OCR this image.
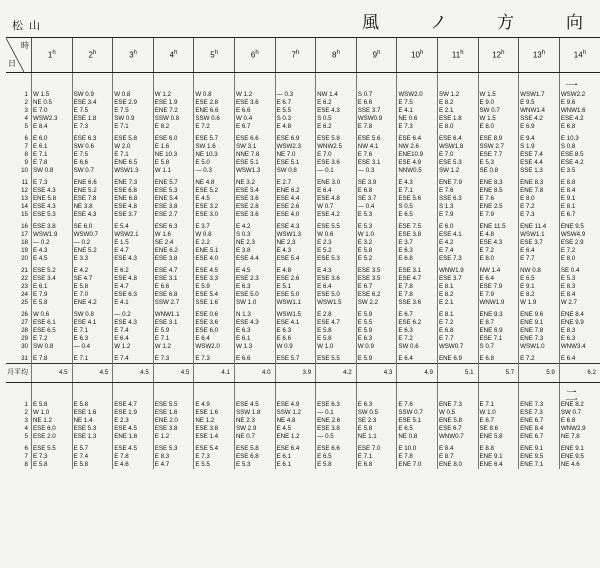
松山	風	ノ	方	向
時
日	1$^h$	2$^h$	3$^h$	4$^h$	5$^h$	6$^h$	7$^h$	8$^h$	9$^h$	10$^h$	11$^h$	12$^h$	13$^h$	14$^h$

1	W 1.5	SW 0.9	W 0.8	W 1.2	W 0.8	W 1.2	— 0.3	NW 1.4	S 0.7	WSW2.0	SW 1.2	W 1.5	WSW1.7	WSW2.2
2	NE 0.5	ESE 3.4	ESE 2.9	ESE 1.9	ESE 2.8	ESE 3.6	E 6.7	E 6.2	E 6.6	E 7.5	E 8.2	E 9.0	E 9.5	E 9.6
3	E 7.0	E 7.5	E 7.5	ENE 7.2	ENE 6.6	E 6.6	E 5.5	ESE 4.3	SSE 3.7	E 4.1	E 2.1	SW 0.7	WNW1.4	WNW1.6
4	WSW2.3	ESE 1.8	SW 0.9	SSW 0.8	SSW 0.6	W 0.4	S 0.3	S 0.5	WSW0.9	NE 0.6	ESE 1.8	W 1.5	SSE 4.2	ESE 4.2
5	E 8.4	E 7.3	E 7.1	E 8.2	E 7.2	E 6.7	E 4.8	E 6.2	E 7.8	E 7.3	E 8.0	E 8.0	E 6.9	E 6.8

6	E 6.0	ESE 6.3	ESE 5.8	ESE 6.0	ESE 5.7	ESE 6.6	ESE 6.9	ESE 5.8	ESE 5.6	ESE 6.4	ESE 6.4	ESE 8.9	E 9.4	E 10.3
7	E 6.1	SW 0.6	W 2.0	E 1.6	SW 1.6	SW 3.1	WSW2.3	WNW2.5	NW 4.1	NW 2.6	WSW1.8	SSW 2.7	S 1.9	S 0.8
8	E 7.1	E 7.5	E 7.1	NE 10.3	NE 10.3	NNE 7.8	NE 7.0	E 7.0	E 7.6	ENE10.9	E 7.0	ESE 7.7	ESE 7.4	ESE 8.5
9	E 7.8	E 6.6	ENE 6.5	E 5.8	E 5.0	ESE 5.1	ESE 5.1	ESE 3.6	ESE 3.1	ESE 4.9	ESE 5.3	E 5.3	ESE 4.4	ESE 4.2
10	SW 0.8	SW 0.7	WSW1.3	W 1.1	— 0.3	WSW1.3	SW 0.8	— 0.1	— 0.3	NNW0.5	SW 1.2	SE 0.8	SSE 1.3	E 3.5

11	E 7.3	ENE 6.6	ENE 7.3	ENE 5.7	NE 4.8	NE 3.2	E 2.7	ENE 3.0	SE 3.9	E 4.3	ENE 7.9	ENE 8.3	ENE 8.3	E 8.8
12	ESE 4.3	ENE 5.2	ESE 6.8	ESE 5.3	ESE 5.2	ESE 5.4	ENE 6.2	E 6.4	E 6.8	E 7.1	E 7.6	ENE 8.5	ENE 7.8	E 8.4
13	ENE 5.8	ESE 7.8	ENE 6.8	ENE 5.4	E 4.5	ESE 3.6	ESE 4.4	ESE 4.8	SE 3.7	ESE 5.6	SSE 6.3	E 7.6	E 8.0	E 9.1
14	ESE 4.3	NE 3.8	ESE 4.8	ESE 3.8	ESE 3.2	ESE 2.8	ESE 2.6	W 0.7	— 0.4	S 0.5	S 1.3	ENE 2.5	E 7.2	E 8.1
15	ESE 5.3	ESE 4.3	ESE 3.7	ESE 2.7	ESE 3.0	ESE 3.6	ESE 4.0	ESE 4.2	E 5.3	E 6.5	E 7.9	E 7.9	E 7.3	E 6.7

16	ESE 3.8	SE 6.0	E 5.4	ESE 6.3	E 3.7	E 4.2	ESE 4.3	ESE 5.5	E 5.3	ESE 7.5	E 6.0	ENE 11.5	ENE 11.4	ENE 9.5
17	WSW1.9	WSW0.7	WSW2.1	W 1.6	W 0.8	S 0.3	WSW1.3	W 0.6	W 1.0	ESE 3.8	ESE 4.1	E 4.8	WSW1.1	WSW4.9
18	— 0.2	— 0.2	E 1.5	SE 2.4	E 2.2	NE 2.3	NE 2.3	E 2.3	E 3.2	E 3.7	E 4.2	ESE 4.3	ESE 3.7	ESE 2.9
19	E 4.3	ENE 5.2	E 4.7	ENE 6.2	ENE 5.1	E 3.8	E 4.3	E 5.2	E 5.8	E 6.3	E 7.4	E 7.2	E 6.4	E 7.2
20	E 4.5	E 3.3	ESE 4.3	ESE 3.8	ESE 4.0	ESE 4.4	ESE 5.4	ESE 5.3	E 5.2	E 6.8	ESE 7.3	E 8.0	E 7.7	E 8.0

21	ESE 5.2	E 4.2	E 6.2	ESE 4.7	ESE 4.5	E 4.5	E 4.8	E 4.3	ESE 3.5	ESE 3.1	WNW1.9	NW 1.4	NW 0.8	SE 0.4
22	ESE 3.4	SE 4.7	ESE 4.8	ESE 3.1	ESE 3.3	ESE 2.3	ESE 2.6	ESE 3.6	ESE 3.5	ESE 4.7	ESE 3.7	E 6.4	E 6.5	E 5.3
23	E 6.1	E 5.8	E 4.7	E 6.6	E 5.9	E 6.3	E 5.1	E 6.4	E 6.7	E 7.8	E 8.1	ESE 7.9	E 9.1	E 8.3
24	E 7.9	E 7.0	ESE 6.3	ESE 6.8	ESE 5.4	ESE 5.0	ESE 5.0	ESE 5.0	ESE 6.2	E 7.8	E 8.2	E 7.9	E 8.2	E 8.4
25	E 5.8	ENE 4.2	E 4.1	SSW 2.7	SSE 1.6	SW 1.0	WSW1.1	WSW1.5	SW 2.2	SSE 3.6	E 2.1	WNW1.9	W 1.9	W 2.7

26	W 0.6	SW 0.8	— 0.2	WNW1.1	ESE 0.6	N 1.3	WSW1.5	E 2.8	E 5.9	E 6.7	E 8.1	ENE 9.3	ENE 9.6	ENE 8.4
27	ESE 6.1	ESE 4.1	ESE 4.3	ESE 3.1	ESE 3.6	ESE 4.3	ESE 4.1	ESE 4.7	E 5.5	ESE 6.2	E 7.2	E 8.7	ENE 9.1	ENE 9.9
28	ESE 6.5	E 7.1	E 7.4	E 5.9	ESE 6.0	E 6.3	E 6.3	E 5.8	E 5.9	E 6.3	E 6.8	ENE 6.9	ENE 7.8	E 8.3
29	E 7.2	E 6.3	E 6.4	E 7.1	E 6.4	E 6.1	E 6.6	E 5.8	E 6.3	E 7.2	E 7.7	ESE 7.1	ENE 7.3	E 6.3
30	SW 0.8	— 0.4	W 1.2	W 1.2	WSW2.0	W 1.3	W 0.9	W 1.0	W 0.9	SW 0.6	WSW0.7	S 0.7	WSW1.0	WNW3.4

31	E 7.8	E 7.1	E 7.4	E 7.3	E 7.3	E 6.6	ESE 5.7	ESE 5.5	E 5.9	E 6.4	ENE 6.9	E 6.8	E 7.2	E 6.4
月平均	4.5	4.5	4.5	4.5	4.1	4.0	3.9	4.2	4.3	4.9	5.1	5.7	5.9	6.2

1	E 5.8	E 5.8	ESE 4.7	ESE 5.5	E 4.9	ESE 4.5	ESE 4.9	ESE 6.3	E 6.3	E 7.6	ENE 7.3	E 7.1	ENE 7.3	ENE 8.2
2	W 1.0	ESE 1.6	ESE 1.9	ESE 1.6	ESE 1.6	SSW 1.8	SSW 1.2	— 0.1	SW 0.5	SSW 0.7	W 0.5	W 1.0	ESE 7.3	SW 0.7
3	NE 1.2	NE 1.4	E 2.3	ENE 2.0	NE 1.2	NE 2.3	NE 4.8	ENE 2.6	SE 2.3	ESE 5.1	ENE 5.8	E 6.7	ENE 6.7	E 6.8
4	ESE 6.0	ESE 5.3	ESE 4.5	ESE 3.8	ESE 3.8	SW 2.9	E 4.5	ESE 3.8	E 5.8	E 6.5	ESE 6.7	SE 8.6	ENE 8.4	WNW2.9
5	ESE 2.0	ESE 1.3	ENE 1.6	E 1.2	ESE 1.4	NE 0.7	ENE 1.2	— 0.5	NE 1.1	NE 0.8	WNW0.7	ENE 5.8	ENE 6.7	NE 7.8

6	ESE 5.5	E 5.7	ESE 4.5	ESE 5.3	ESE 5.4	ESE 5.8	ESE 6.4	ESE 6.6	ESE 7.0	E 10.0	E 8.4	E 8.8	ENE 9.1	ENE 9.1
7	E 7.3	E 7.4	E 7.8	E 8.3	E 7.3	ESE 6.8	E 6.1	E 6.5	E 7.1	E 7.8	E 8.7	ENE 9.1	ENE 9.5	ENE 9.5
8	E 5.8	E 5.8	E 4.6	E 4.7	E 5.5	E 5.3	E 6.1	E 5.8	E 6.8	ENE 7.0	ENE 8.0	ENE 6.4	ENE 7.1	NE 4.6
一
二
